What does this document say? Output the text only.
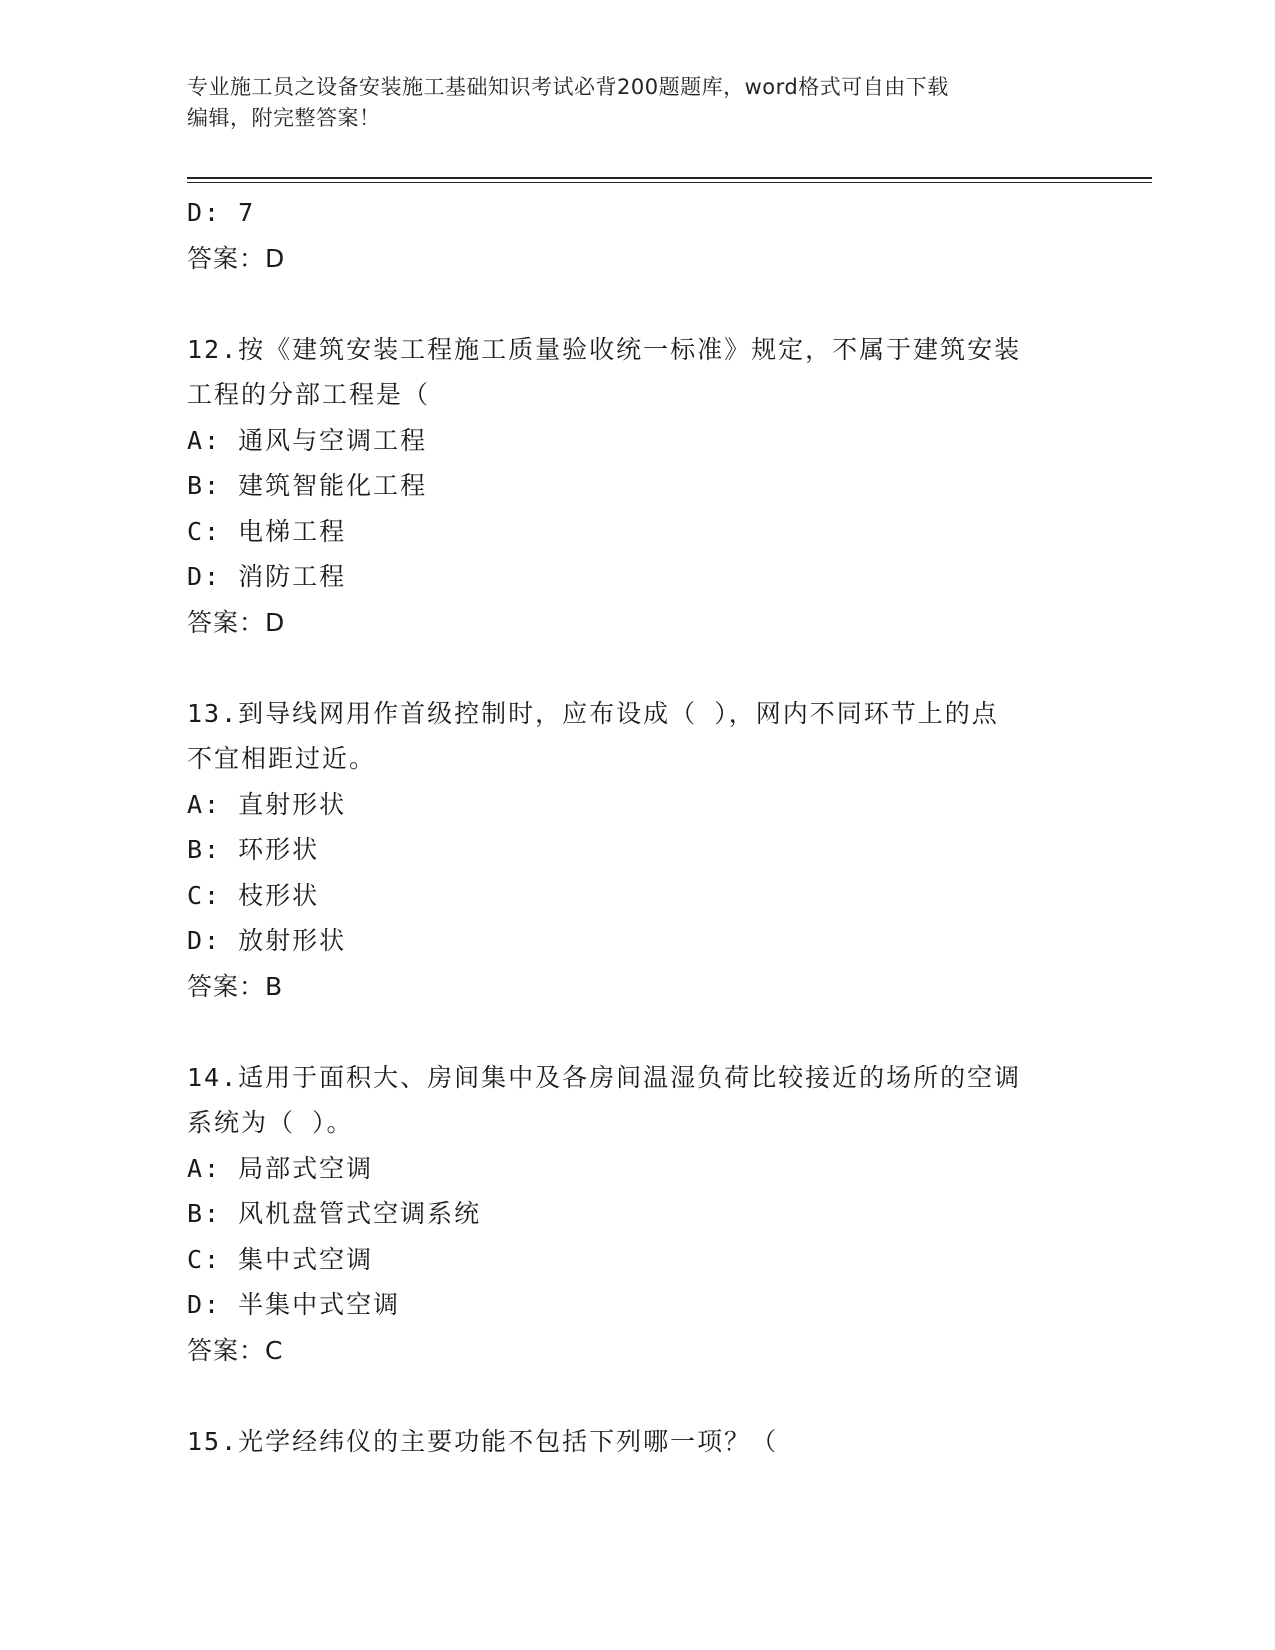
专业施工员之设备安装施工基础知识考试必背200题题库，word格式可自由下载
编辑，附完整答案！
D: 7
答案：D
12.按《建筑安装工程施工质量验收统一标准》规定，不属于建筑安装
工程的分部工程是（
A: 通风与空调工程
B: 建筑智能化工程
C: 电梯工程
D: 消防工程
答案：D
13.到导线网用作首级控制时，应布设成（ ），网内不同环节上的点
不宜相距过近。
A: 直射形状
B: 环形状
C: 枝形状
D: 放射形状
答案：B
14.适用于面积大、房间集中及各房间温湿负荷比较接近的场所的空调
系统为（ ）。
A: 局部式空调
B: 风机盘管式空调系统
C: 集中式空调
D: 半集中式空调
答案：C
15.光学经纬仪的主要功能不包括下列哪一项？（
